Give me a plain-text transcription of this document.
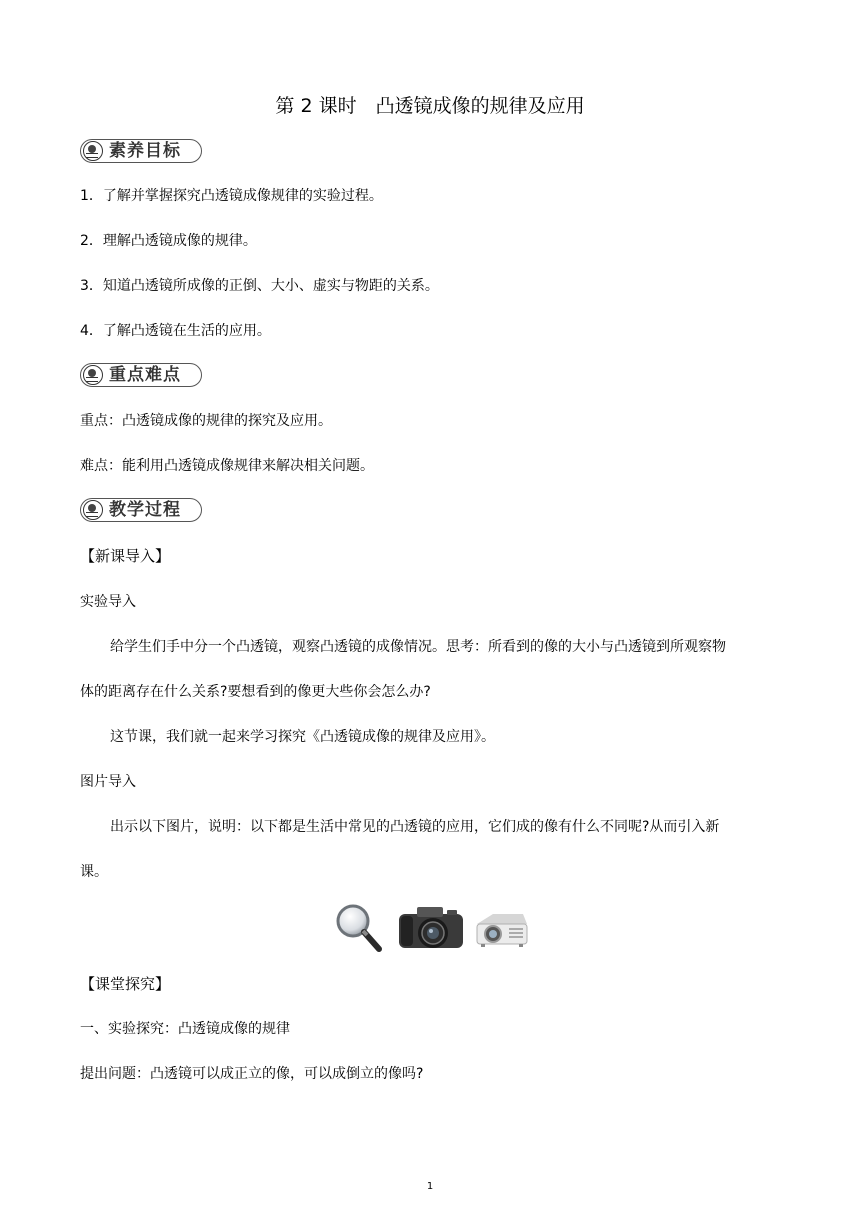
第 2 课时　凸透镜成像的规律及应用
素养目标
1．了解并掌握探究凸透镜成像规律的实验过程。
2．理解凸透镜成像的规律。
3．知道凸透镜所成像的正倒、大小、虚实与物距的关系。
4．了解凸透镜在生活的应用。
重点难点
重点：凸透镜成像的规律的探究及应用。
难点：能利用凸透镜成像规律来解决相关问题。
教学过程
【新课导入】
实验导入
给学生们手中分一个凸透镜，观察凸透镜的成像情况。思考：所看到的像的大小与凸透镜到所观察物
体的距离存在什么关系?要想看到的像更大些你会怎么办?
这节课，我们就一起来学习探究《凸透镜成像的规律及应用》。
图片导入
出示以下图片，说明：以下都是生活中常见的凸透镜的应用，它们成的像有什么不同呢?从而引入新
课。
【课堂探究】
一、实验探究：凸透镜成像的规律
提出问题：凸透镜可以成正立的像，可以成倒立的像吗?
1
